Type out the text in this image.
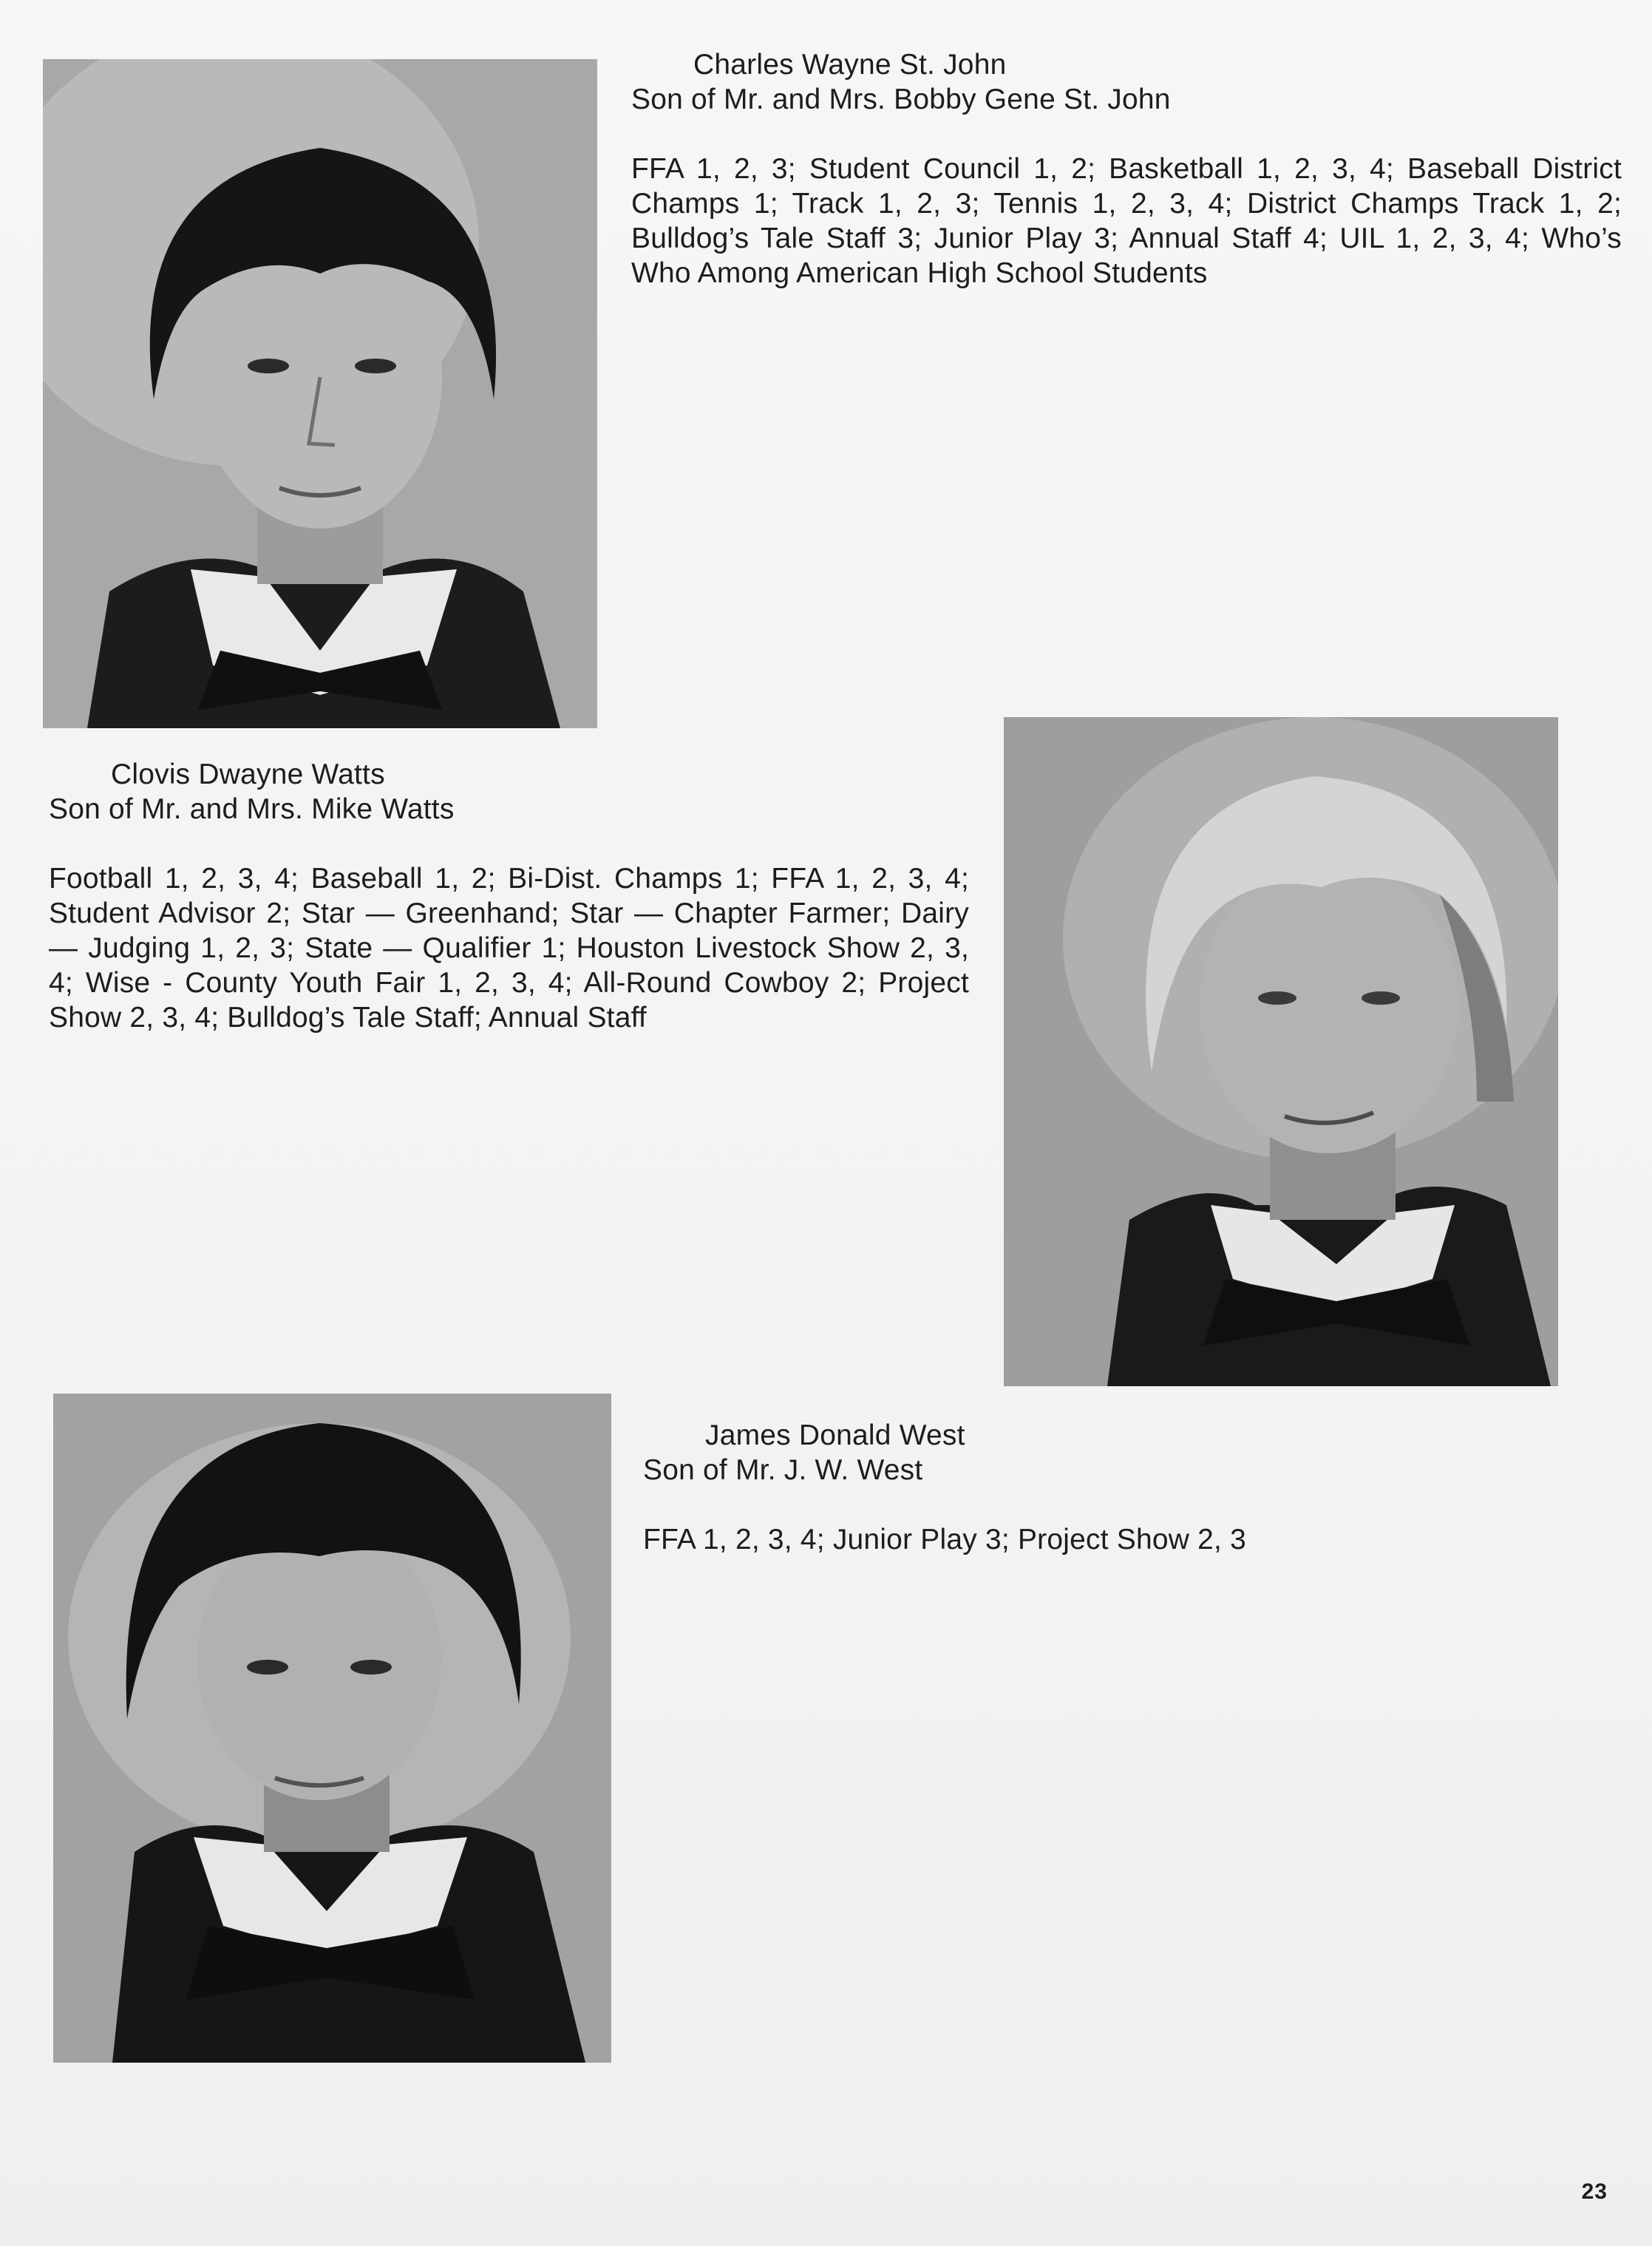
Charles Wayne St. John
Son of Mr. and Mrs. Bobby Gene St. John
FFA 1, 2, 3; Student Council 1, 2; Basketball 1, 2, 3, 4; Baseball District Champs 1; Track 1, 2, 3; Tennis 1, 2, 3, 4; District Champs Track 1, 2; Bulldog’s Tale Staff 3; Junior Play 3; Annual Staff 4; UIL 1, 2, 3, 4; Who’s Who Among American High School Students
Clovis Dwayne Watts
Son of Mr. and Mrs. Mike Watts
Football 1, 2, 3, 4; Baseball 1, 2; Bi-Dist. Champs 1; FFA 1, 2, 3, 4; Student Advisor 2; Star — Greenhand; Star — Chapter Farmer; Dairy — Judging 1, 2, 3; State — Qualifier 1; Houston Livestock Show 2, 3, 4; Wise - County Youth Fair 1, 2, 3, 4; All-Round Cowboy 2; Project Show 2, 3, 4; Bulldog’s Tale Staff; Annual Staff
James Donald West
Son of Mr. J. W. West
FFA 1, 2, 3, 4; Junior Play 3; Project Show 2, 3
23
